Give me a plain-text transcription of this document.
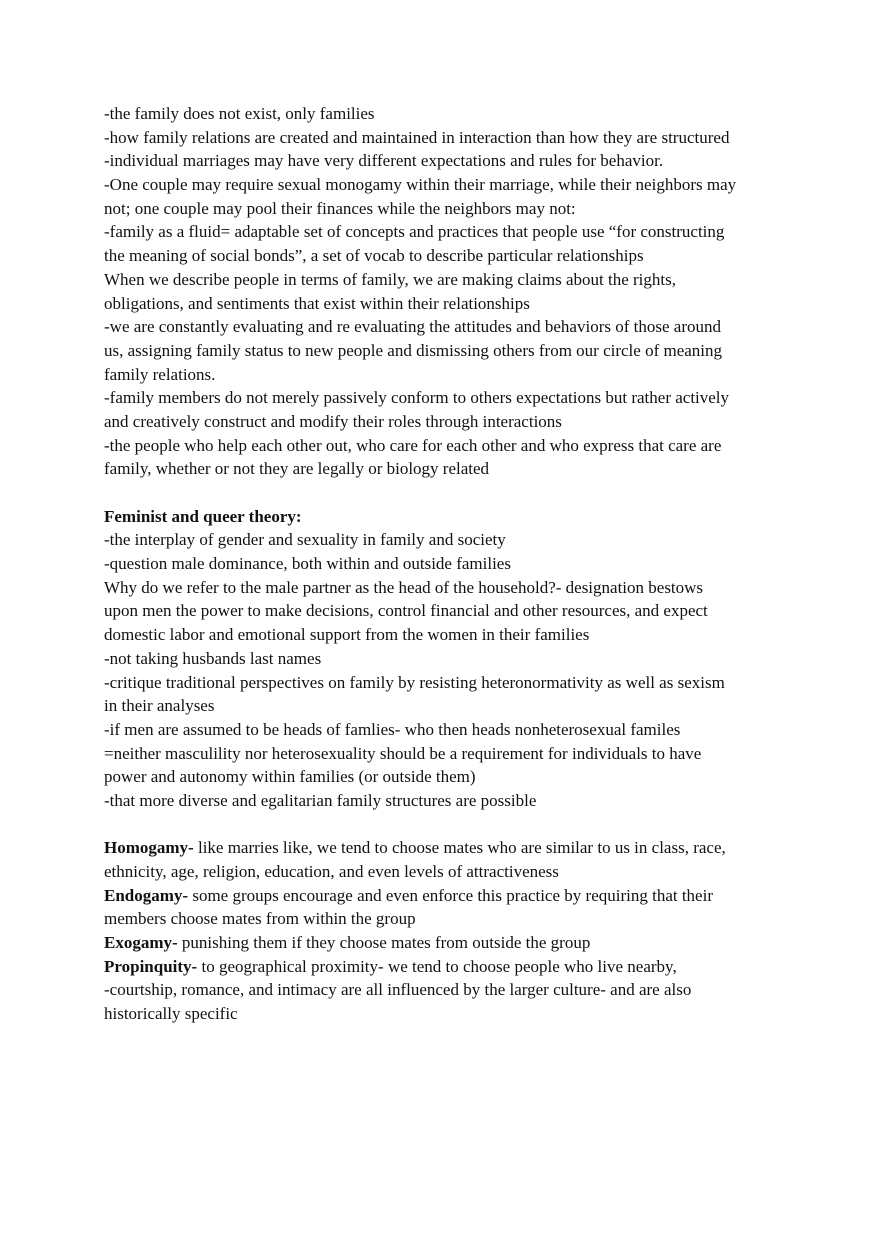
-the family does not exist, only families
-how family relations are created and maintained in interaction than how they are structured
-individual marriages may have very different expectations and rules for behavior.
-One couple may require sexual monogamy within their marriage, while their neighbors may
not; one couple may pool their finances while the neighbors may not:
-family as a fluid= adaptable set of concepts and practices that people use “for constructing
the meaning of social bonds”, a set of vocab to describe particular relationships
When we describe people in terms of family, we are making claims about the rights,
obligations, and sentiments that exist within their relationships
-we are constantly evaluating and re evaluating the attitudes and behaviors of those around
us, assigning family status to new people and dismissing others from our circle of meaning
family relations.
-family members do not merely passively conform to others expectations but rather actively
and creatively construct and modify their roles through interactions
-the people who help each other out, who care for each other and who express that care are
family, whether or not they are legally or biology related
Feminist and queer theory:
-the interplay of gender and sexuality in family and society
-question male dominance, both within and outside families
Why do we refer to the male partner as the head of the household?- designation bestows
upon men the power to make decisions, control financial and other resources, and expect
domestic labor and emotional support from the women in their families
-not taking husbands last names
-critique traditional perspectives on family by resisting heteronormativity as well as sexism
in their analyses
-if men are assumed to be heads of famlies- who then heads nonheterosexual familes
=neither masculility nor heterosexuality should be a requirement for individuals to have
power and autonomy within families (or outside them)
-that more diverse and egalitarian family structures are possible
Homogamy- like marries like, we tend to choose mates who are similar to us in class, race,
ethnicity, age, religion, education, and even levels of attractiveness
Endogamy- some groups encourage and even enforce this practice by requiring that their
members choose mates from within the group
Exogamy- punishing them if they choose mates from outside the group
Propinquity- to geographical proximity- we tend to choose people who live nearby,
-courtship, romance, and intimacy are all influenced by the larger culture- and are also
historically specific
